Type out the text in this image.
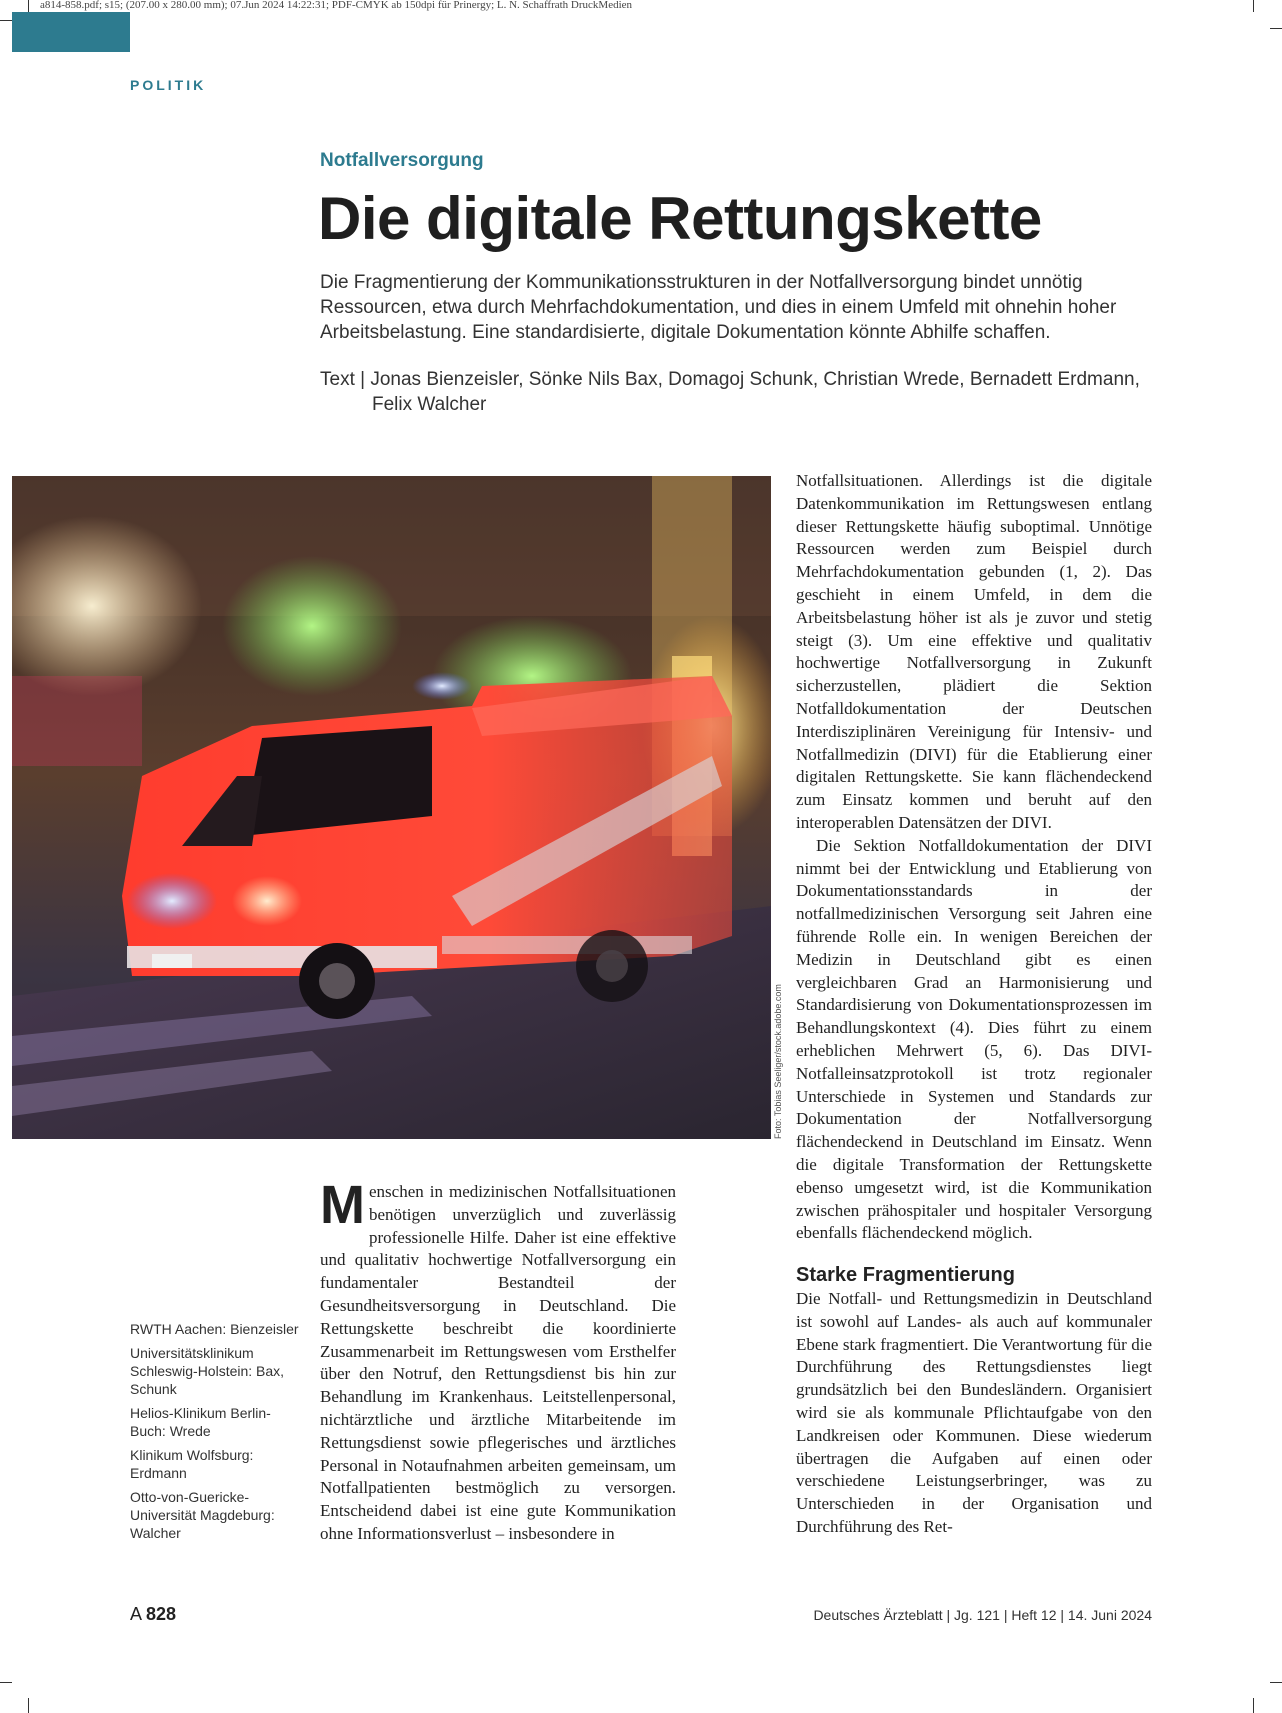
a814-858.pdf; s15; (207.00 x 280.00 mm); 07.Jun 2024 14:22:31; PDF-CMYK ab 150dpi für Prinergy; L. N. Schaffrath DruckMedien
POLITIK
Notfallversorgung
Die digitale Rettungskette

Die Fragmentierung der Kommunikationsstrukturen in der Notfallversorgung bindet unnötig Ressourcen, etwa durch Mehrfachdokumentation, und dies in einem Umfeld mit ohnehin hoher Arbeitsbelastung. Eine standardisierte, digitale Dokumentation könnte Abhilfe schaffen.

Text | Jonas Bienzeisler, Sönke Nils Bax, Domagoj Schunk, Christian Wrede, Bernadett Erdmann, Felix Walcher

Foto: Tobias Seeliger/stock.adobe.com

Notfallsituationen. Allerdings ist die digitale Datenkommunikation im Rettungswesen entlang dieser Rettungskette häufig suboptimal. Unnötige Ressourcen werden zum Beispiel durch Mehrfachdokumentation gebunden (1, 2). Das geschieht in einem Umfeld, in dem die Arbeitsbelastung höher ist als je zuvor und stetig steigt (3). Um eine effektive und qualitativ hochwertige Notfallversorgung in Zukunft sicherzustellen, plädiert die Sektion Notfalldokumentation der Deutschen Interdisziplinären Vereinigung für Intensiv- und Notfallmedizin (DIVI) für die Etablierung einer digitalen Rettungskette. Sie kann flächendeckend zum Einsatz kommen und beruht auf den interoperablen Datensätzen der DIVI.

Die Sektion Notfalldokumentation der DIVI nimmt bei der Entwicklung und Etablierung von Dokumentationsstandards in der notfallmedizinischen Versorgung seit Jahren eine führende Rolle ein. In wenigen Bereichen der Medizin in Deutschland gibt es einen vergleichbaren Grad an Harmonisierung und Standardisierung von Dokumentationsprozessen im Behandlungskontext (4). Dies führt zu einem erheblichen Mehrwert (5, 6). Das DIVI-Notfalleinsatzprotokoll ist trotz regionaler Unterschiede in Systemen und Standards zur Dokumentation der Notfallversorgung flächendeckend in Deutschland im Einsatz. Wenn die digitale Transformation der Rettungskette ebenso umgesetzt wird, ist die Kommunikation zwischen prähospitaler und hospitaler Versorgung ebenfalls flächendeckend möglich.

Starke Fragmentierung

Die Notfall- und Rettungsmedizin in Deutschland ist sowohl auf Landes- als auch auf kommunaler Ebene stark fragmentiert. Die Verantwortung für die Durchführung des Rettungsdienstes liegt grundsätzlich bei den Bundesländern. Organisiert wird sie als kommunale Pflichtaufgabe von den Landkreisen oder Kommunen. Diese wiederum übertragen die Aufgaben auf einen oder verschiedene Leistungserbringer, was zu Unterschieden in der Organisation und Durchführung des Ret-

Menschen in medizinischen Notfallsituationen benötigen unverzüglich und zuverlässig professionelle Hilfe. Daher ist eine effektive und qualitativ hochwertige Notfallversorgung ein fundamentaler Bestandteil der Gesundheitsversorgung in Deutschland. Die Rettungskette beschreibt die koordinierte Zusammenarbeit im Rettungswesen vom Ersthelfer über den Notruf, den Rettungsdienst bis hin zur Behandlung im Krankenhaus. Leitstellenpersonal, nichtärztliche und ärztliche Mitarbeitende im Rettungsdienst sowie pflegerisches und ärztliches Personal in Notaufnahmen arbeiten gemeinsam, um Notfallpatienten bestmöglich zu versorgen. Entscheidend dabei ist eine gute Kommunikation ohne Informationsverlust – insbesondere in

RWTH Aachen: Bienzeisler
Universitätsklinikum Schleswig-Holstein: Bax, Schunk
Helios-Klinikum Berlin-Buch: Wrede
Klinikum Wolfsburg: Erdmann
Otto-von-Guericke-Universität Magdeburg: Walcher
A 828	Deutsches Ärzteblatt | Jg. 121 | Heft 12 | 14. Juni 2024
